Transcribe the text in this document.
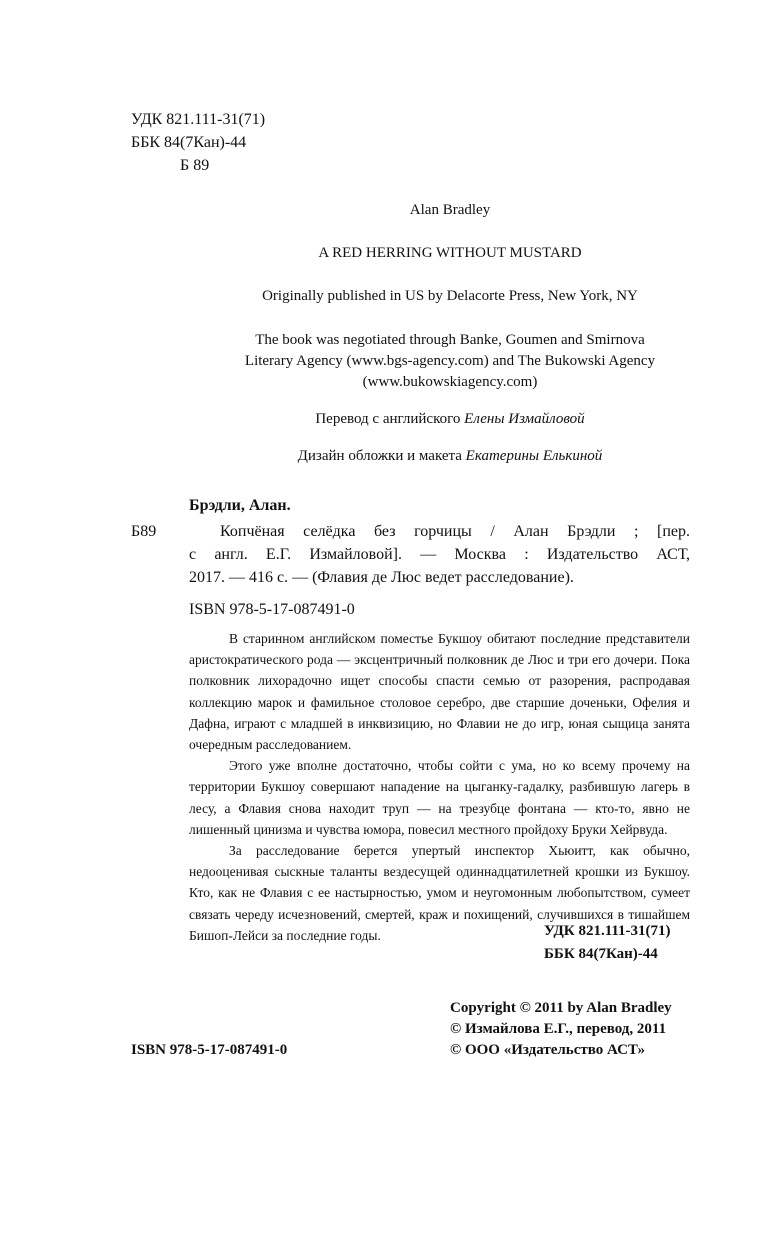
УДК 821.111-31(71)
ББК 84(7Кан)-44
Б 89
Alan Bradley
A RED HERRING WITHOUT MUSTARD
Originally published in US by Delacorte Press, New York, NY
The book was negotiated through Banke, Goumen and Smirnova
Literary Agency (www.bgs-agency.com) and The Bukowski Agency
(www.bukowskiagency.com)
Перевод с английского Елены Измайловой
Дизайн обложки и макета Екатерины Елькиной
Брэдли, Алан.
Б89	Копчёная селёдка без горчицы / Алан Брэдли ; [пер.
с англ. Е.Г. Измайловой]. — Москва : Издательство АСТ,
2017. — 416 с. — (Флавия де Люс ведет расследование).
ISBN 978-5-17-087491-0

В старинном английском поместье Букшоу обитают последние представители аристократического рода — эксцентричный полковник де Люс и три его дочери. Пока полковник лихорадочно ищет способы спасти семью от разорения, распродавая коллекцию марок и фамильное столовое серебро, две старшие доченьки, Офелия и Дафна, играют с младшей в инквизицию, но Флавии не до игр, юная сыщица занята очередным расследованием.

Этого уже вполне достаточно, чтобы сойти с ума, но ко всему прочему на территории Букшоу совершают нападение на цыганку-гадалку, разбившую лагерь в лесу, а Флавия снова находит труп — на трезубце фонтана — кто-то, явно не лишенный цинизма и чувства юмора, повесил местного пройдоху Бруки Хейрвуда.

За расследование берется упертый инспектор Хьюитт, как обычно, недооценивая сыскные таланты вездесущей одиннадцатилетней крошки из Букшоу. Кто, как не Флавия с ее настырностью, умом и неугомонным любопытством, сумеет связать череду исчезновений, смертей, краж и похищений, случившихся в тишайшем Бишоп-Лейси за последние годы.	УДК 821.111-31(71)
ББК 84(7Кан)-44
Copyright © 2011 by Alan Bradley
© Измайлова Е.Г., перевод, 2011
© ООО «Издательство АСТ»
ISBN 978-5-17-087491-0
